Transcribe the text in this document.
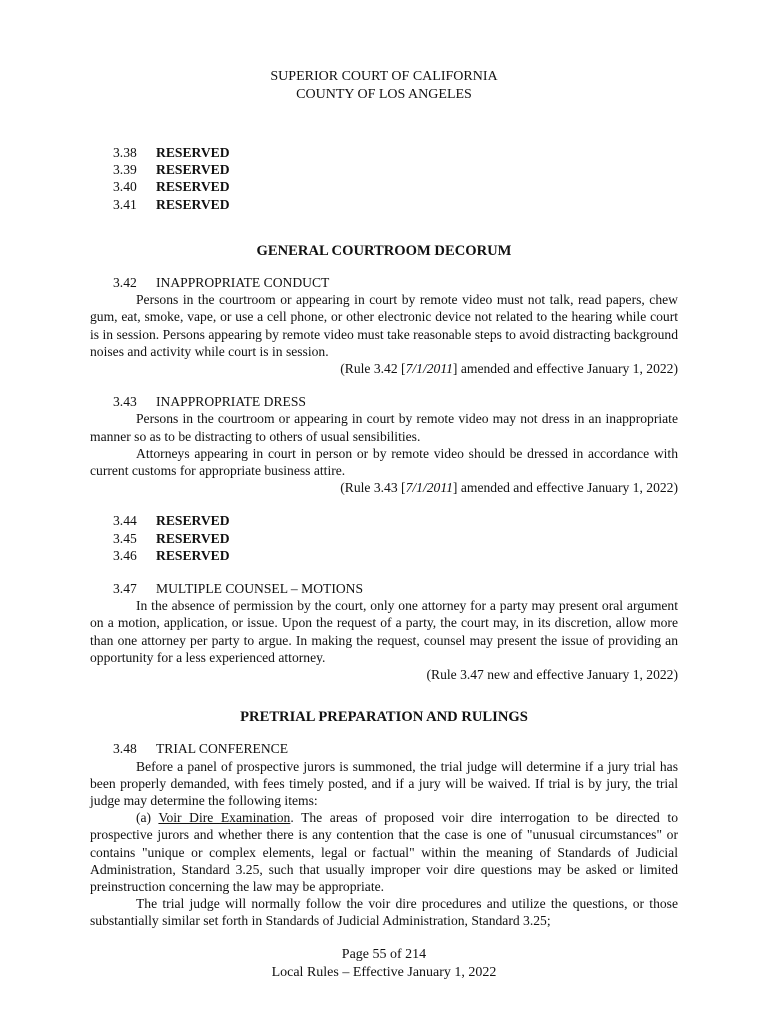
SUPERIOR COURT OF CALIFORNIA
COUNTY OF LOS ANGELES
3.38 RESERVED
3.39 RESERVED
3.40 RESERVED
3.41 RESERVED
GENERAL COURTROOM DECORUM
3.42 INAPPROPRIATE CONDUCT

Persons in the courtroom or appearing in court by remote video must not talk, read papers, chew gum, eat, smoke, vape, or use a cell phone, or other electronic device not related to the hearing while court is in session. Persons appearing by remote video must take reasonable steps to avoid distracting background noises and activity while court is in session.

(Rule 3.42 [7/1/2011] amended and effective January 1, 2022)

3.43 INAPPROPRIATE DRESS

Persons in the courtroom or appearing in court by remote video may not dress in an inappropriate manner so as to be distracting to others of usual sensibilities.

Attorneys appearing in court in person or by remote video should be dressed in accordance with current customs for appropriate business attire.

(Rule 3.43 [7/1/2011] amended and effective January 1, 2022)

3.44 RESERVED
3.45 RESERVED
3.46 RESERVED
3.47 MULTIPLE COUNSEL – MOTIONS

In the absence of permission by the court, only one attorney for a party may present oral argument on a motion, application, or issue. Upon the request of a party, the court may, in its discretion, allow more than one attorney per party to argue. In making the request, counsel may present the issue of providing an opportunity for a less experienced attorney.

(Rule 3.47 new and effective January 1, 2022)

PRETRIAL PREPARATION AND RULINGS
3.48 TRIAL CONFERENCE

Before a panel of prospective jurors is summoned, the trial judge will determine if a jury trial has been properly demanded, with fees timely posted, and if a jury will be waived. If trial is by jury, the trial judge may determine the following items:

(a) Voir Dire Examination. The areas of proposed voir dire interrogation to be directed to prospective jurors and whether there is any contention that the case is one of "unusual circumstances" or contains "unique or complex elements, legal or factual" within the meaning of Standards of Judicial Administration, Standard 3.25, such that usually improper voir dire questions may be asked or limited preinstruction concerning the law may be appropriate.

The trial judge will normally follow the voir dire procedures and utilize the questions, or those substantially similar set forth in Standards of Judicial Administration, Standard 3.25;

Page 55 of 214
Local Rules – Effective January 1, 2022
